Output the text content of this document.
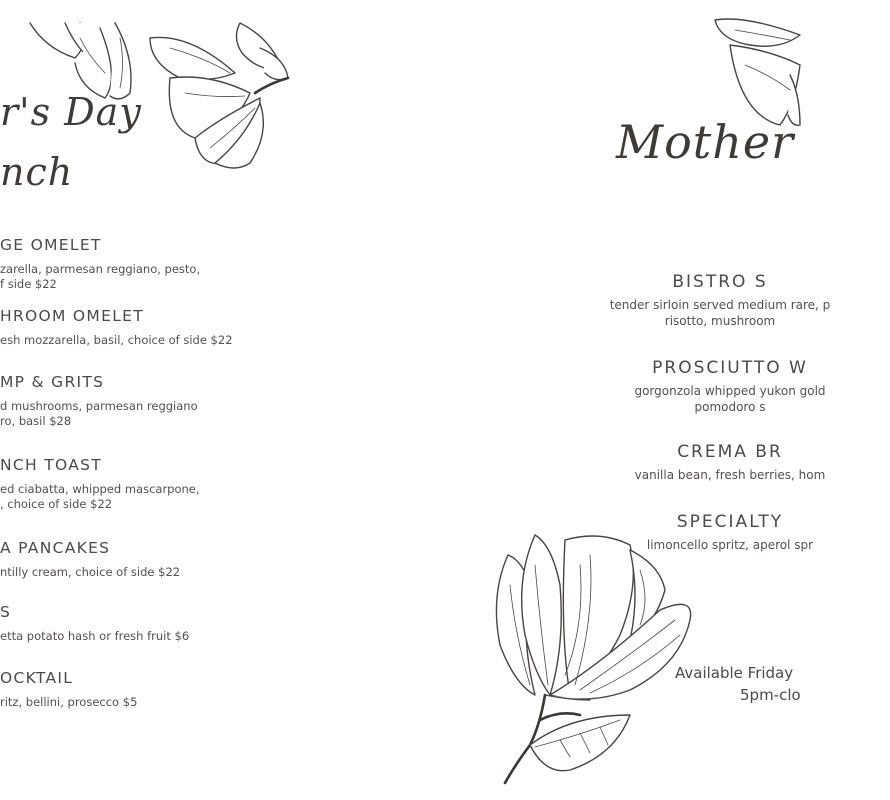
r's Day
nch
GE OMELET
zarella, parmesan reggiano, pesto,
f side $22
HROOM OMELET
esh mozzarella, basil, choice of side $22
MP & GRITS
d mushrooms, parmesan reggiano
ro, basil $28
NCH TOAST
ed ciabatta, whipped mascarpone,
, choice of side $22
A PANCAKES
ntilly cream, choice of side $22
S
etta potato hash or fresh fruit $6
OCKTAIL
ritz, bellini, prosecco $5
Mother
BISTRO S
tender sirloin served medium rare, p
risotto, mushroom
PROSCIUTTO W
gorgonzola whipped yukon gold
pomodoro s
CREMA BR
vanilla bean, fresh berries, hom
SPECIALTY
limoncello spritz, aperol spr
Available Friday
5pm-clo
